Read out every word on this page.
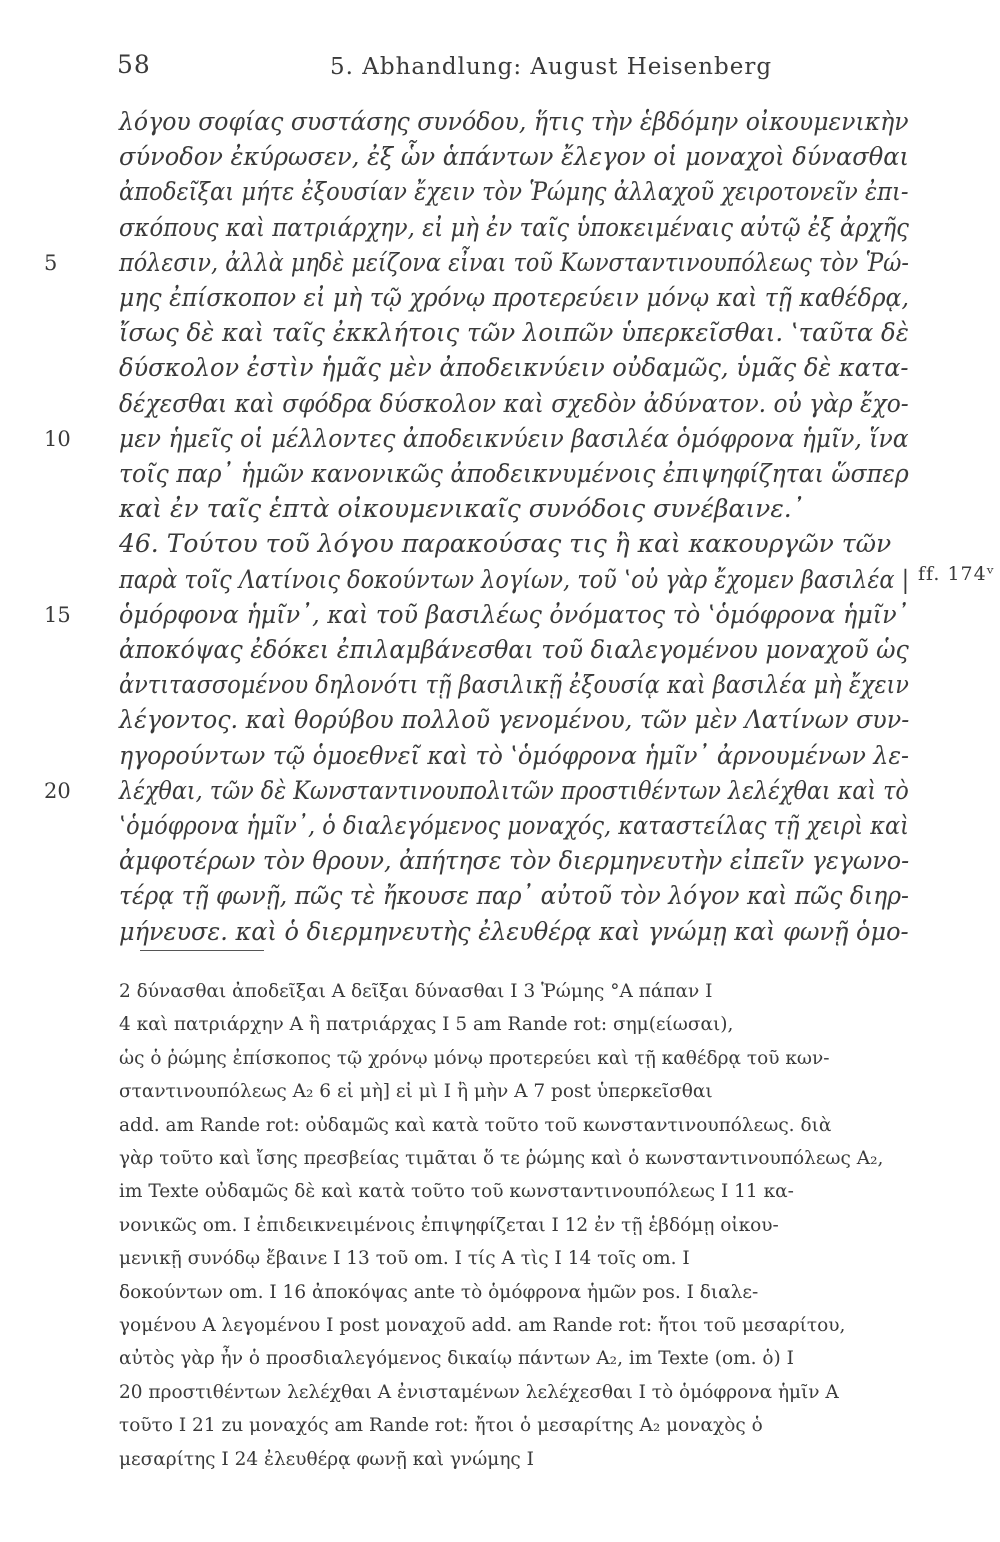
58	5. Abhandlung: August Heisenberg
λόγου σοφίας συστάσης συνόδου, ἥτις τὴν ἑβδόμην οἰκουμενικὴν
σύνοδον ἐκύρωσεν, ἐξ ὧν ἁπάντων ἔλεγον οἱ μοναχοὶ δύνασθαι
ἀποδεῖξαι μήτε ἐξουσίαν ἔχειν τὸν Ῥώμης ἀλλαχοῦ χειροτονεῖν ἐπι-
σκόπους καὶ πατριάρχην, εἰ μὴ ἐν ταῖς ὑποκειμέναις αὐτῷ ἐξ ἀρχῆς
5	πόλεσιν, ἀλλὰ μηδὲ μείζονα εἶναι τοῦ Κωνσταντινουπόλεως τὸν Ῥώ-
μης ἐπίσκοπον εἰ μὴ τῷ χρόνῳ προτερεύειν μόνῳ καὶ τῇ καθέδρᾳ,
ἴσως δὲ καὶ ταῖς ἐκκλήτοις τῶν λοιπῶν ὑπερκεῖσθαι. ‛ταῦτα δὲ
δύσκολον ἐστὶν ἡμᾶς μὲν ἀποδεικνύειν οὐδαμῶς, ὑμᾶς δὲ κατα-
δέχεσθαι καὶ σφόδρα δύσκολον καὶ σχεδὸν ἀδύνατον. οὐ γὰρ ἔχο-
10	μεν ἡμεῖς οἱ μέλλοντες ἀποδεικνύειν βασιλέα ὁμόφρονα ἡμῖν, ἵνα
τοῖς παρ᾽ ἡμῶν κανονικῶς ἀποδεικνυμένοις ἐπιψηφίζηται ὥσπερ
καὶ ἐν ταῖς ἑπτὰ οἰκουμενικαῖς συνόδοις συνέβαινε.᾽
46. Τούτου τοῦ λόγου παρακούσας τις ἢ καὶ κακουργῶν τῶν
παρὰ τοῖς Λατίνοις δοκούντων λογίων, τοῦ ‛οὐ γὰρ ἔχομεν βασιλέα |
15	ὁμόρφονα ἡμῖν᾽, καὶ τοῦ βασιλέως ὀνόματος τὸ ‛ὁμόφρονα ἡμῖν᾽
ἀποκόψας ἐδόκει ἐπιλαμβάνεσθαι τοῦ διαλεγομένου μοναχοῦ ὡς
ἀντιτασσομένου δηλονότι τῇ βασιλικῇ ἐξουσίᾳ καὶ βασιλέα μὴ ἔχειν
λέγοντος. καὶ θορύβου πολλοῦ γενομένου, τῶν μὲν Λατίνων συν-
ηγορούντων τῷ ὁμοεθνεῖ καὶ τὸ ‛ὁμόφρονα ἡμῖν᾽ ἀρνουμένων λε-
20	λέχθαι, τῶν δὲ Κωνσταντινουπολιτῶν προστιθέντων λελέχθαι καὶ τὸ
‛ὁμόφρονα ἡμῖν᾽, ὁ διαλεγόμενος μοναχός, καταστείλας τῇ χειρὶ καὶ
ἀμφοτέρων τὸν θρουν, ἀπήτησε τὸν διερμηνευτὴν εἰπεῖν γεγωνο-
τέρᾳ τῇ φωνῇ, πῶς τὲ ἤκουσε παρ᾽ αὐτοῦ τὸν λόγον καὶ πῶς διηρ-
μήνευσε. καὶ ὁ διερμηνευτὴς ἐλευθέρᾳ καὶ γνώμῃ καὶ φωνῇ ὁμο-
ff. 174ᵛ
2 δύνασθαι ἀποδεῖξαι A δεῖξαι δύνασθαι I 3 Ῥώμης °A πάπαν I
4 καὶ πατριάρχην A ἢ πατριάρχας I 5 am Rande rot: σημ(είωσαι),
ὡς ὁ ῥώμης ἐπίσκοπος τῷ χρόνῳ μόνῳ προτερεύει καὶ τῇ καθέδρᾳ τοῦ κων-
σταντινουπόλεως A₂ 6 εἰ μὴ] εἰ μὶ I ἢ μὴν A 7 post ὑπερκεῖσθαι
add. am Rande rot: οὐδαμῶς καὶ κατὰ τοῦτο τοῦ κωνσταντινουπόλεως. διὰ
γὰρ τοῦτο καὶ ἴσης πρεσβείας τιμᾶται ὅ τε ῥώμης καὶ ὁ κωνσταντινουπόλεως A₂,
im Texte οὐδαμῶς δὲ καὶ κατὰ τοῦτο τοῦ κωνσταντινουπόλεως I 11 κα-
νονικῶς om. I ἐπιδεικνειμένοις ἐπιψηφίζεται I 12 ἐν τῇ ἑβδόμῃ οἰκου-
μενικῇ συνόδῳ ἔβαινε I 13 τοῦ om. I τίς A τὶς I 14 τοῖς om. I
δοκούντων om. I 16 ἀποκόψας ante τὸ ὁμόφρονα ἡμῶν pos. I διαλε-
γομένου A λεγομένου I post μοναχοῦ add. am Rande rot: ἤτοι τοῦ μεσαρίτου,
αὐτὸς γὰρ ἦν ὁ προσδιαλεγόμενος δικαίῳ πάντων A₂, im Texte (om. ὁ) I
20 προστιθέντων λελέχθαι A ἐνισταμένων λελέχεσθαι I τὸ ὁμόφρονα ἡμῖν A
τοῦτο I 21 zu μοναχός am Rande rot: ἤτοι ὁ μεσαρίτης A₂ μοναχὸς ὁ
μεσαρίτης I 24 ἐλευθέρᾳ φωνῇ καὶ γνώμης I
